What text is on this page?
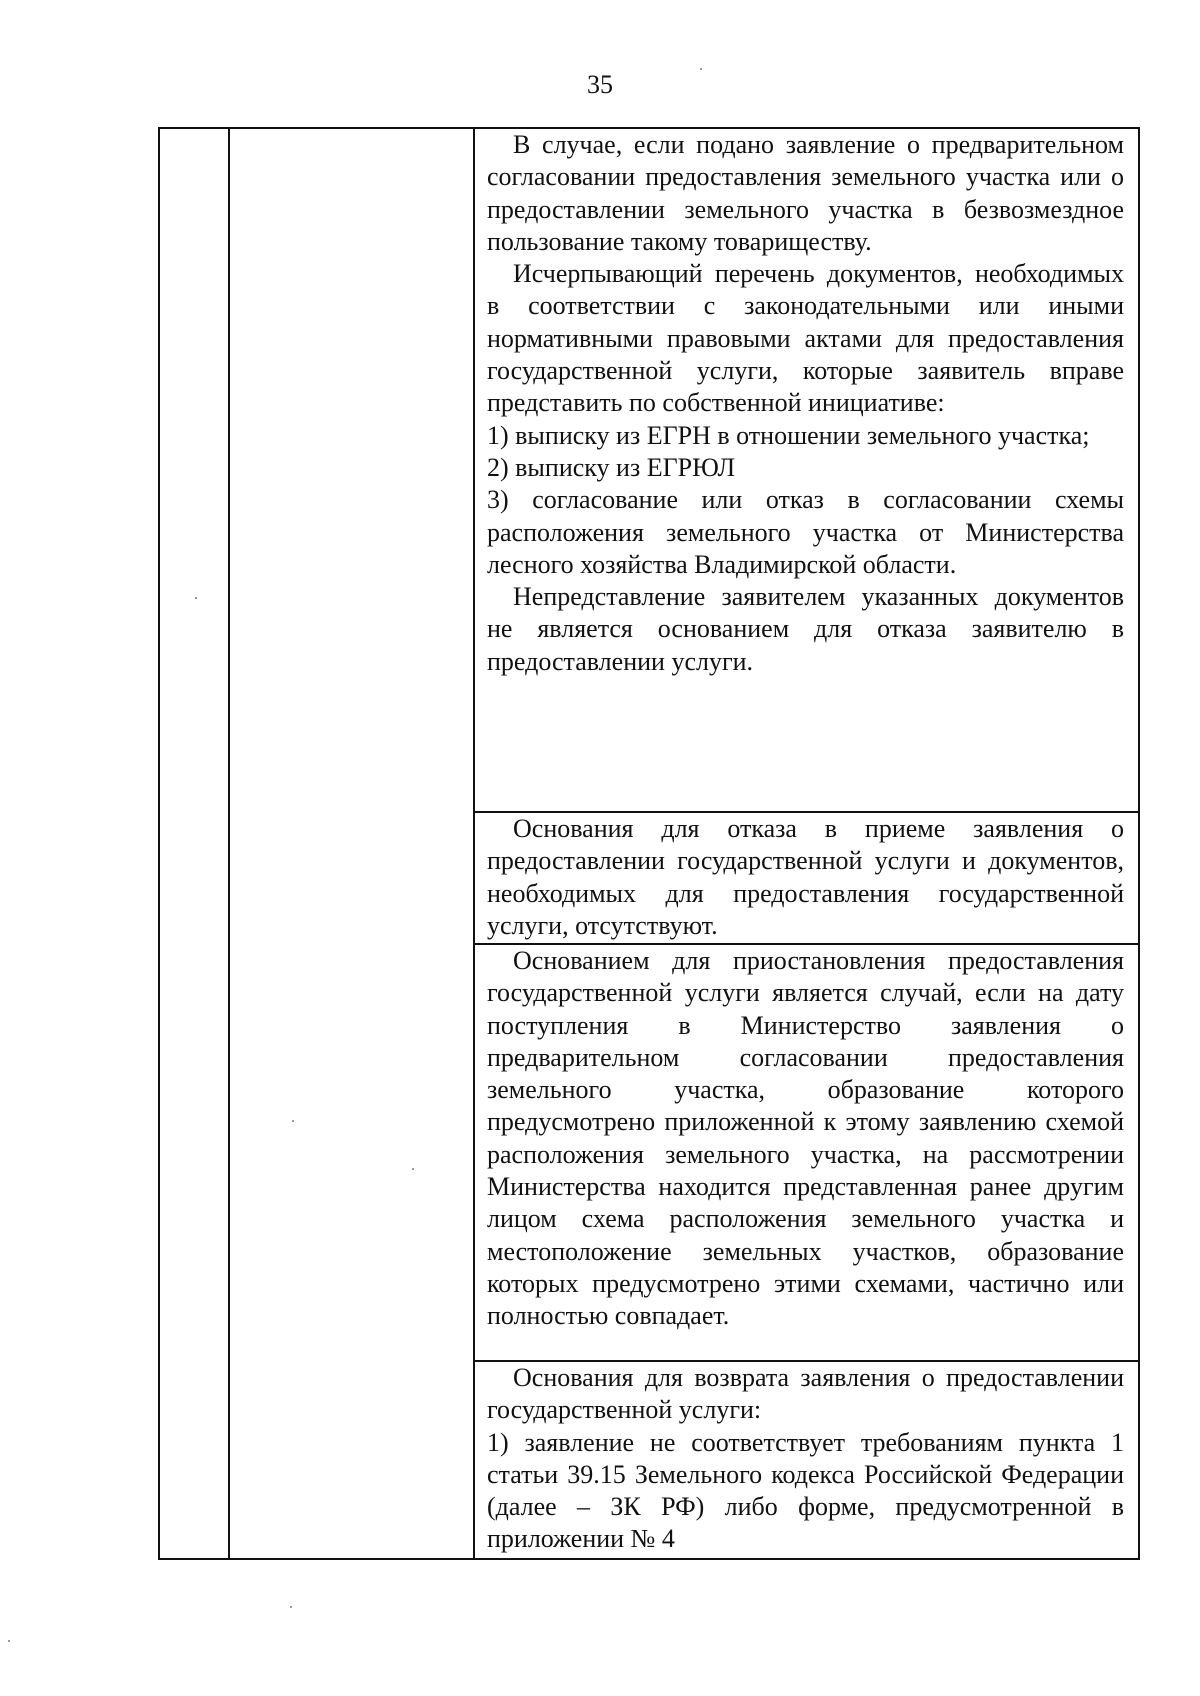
35

В случае, если подано заявление о предварительном согласовании предоставления земельного участка или о предоставлении земельного участка в безвозмездное пользование такому товариществу.

Исчерпывающий перечень документов, необходимых в соответствии с законодательными или иными нормативными правовыми актами для предоставления государственной услуги, которые заявитель вправе представить по собственной инициативе:

1) выписку из ЕГРН в отношении земельного участка;

2) выписку из ЕГРЮЛ

3) согласование или отказ в согласовании схемы расположения земельного участка от Министерства лесного хозяйства Владимирской области.

Непредставление заявителем указанных документов не является основанием для отказа заявителю в предоставлении услуги.

Основания для отказа в приеме заявления о предоставлении государственной услуги и документов, необходимых для предоставления государственной услуги, отсутствуют.

Основанием для приостановления предоставления государственной услуги является случай, если на дату поступления в Министерство заявления о предварительном согласовании предоставления земельного участка, образование которого предусмотрено приложенной к этому заявлению схемой расположения земельного участка, на рассмотрении Министерства находится представленная ранее другим лицом схема расположения земельного участка и местоположение земельных участков, образование которых предусмотрено этими схемами, частично или полностью совпадает.

Основания для возврата заявления о предоставлении государственной услуги:

1) заявление не соответствует требованиям пункта 1 статьи 39.15 Земельного кодекса Российской Федерации (далее – ЗК РФ) либо форме, предусмотренной в приложении № 4
